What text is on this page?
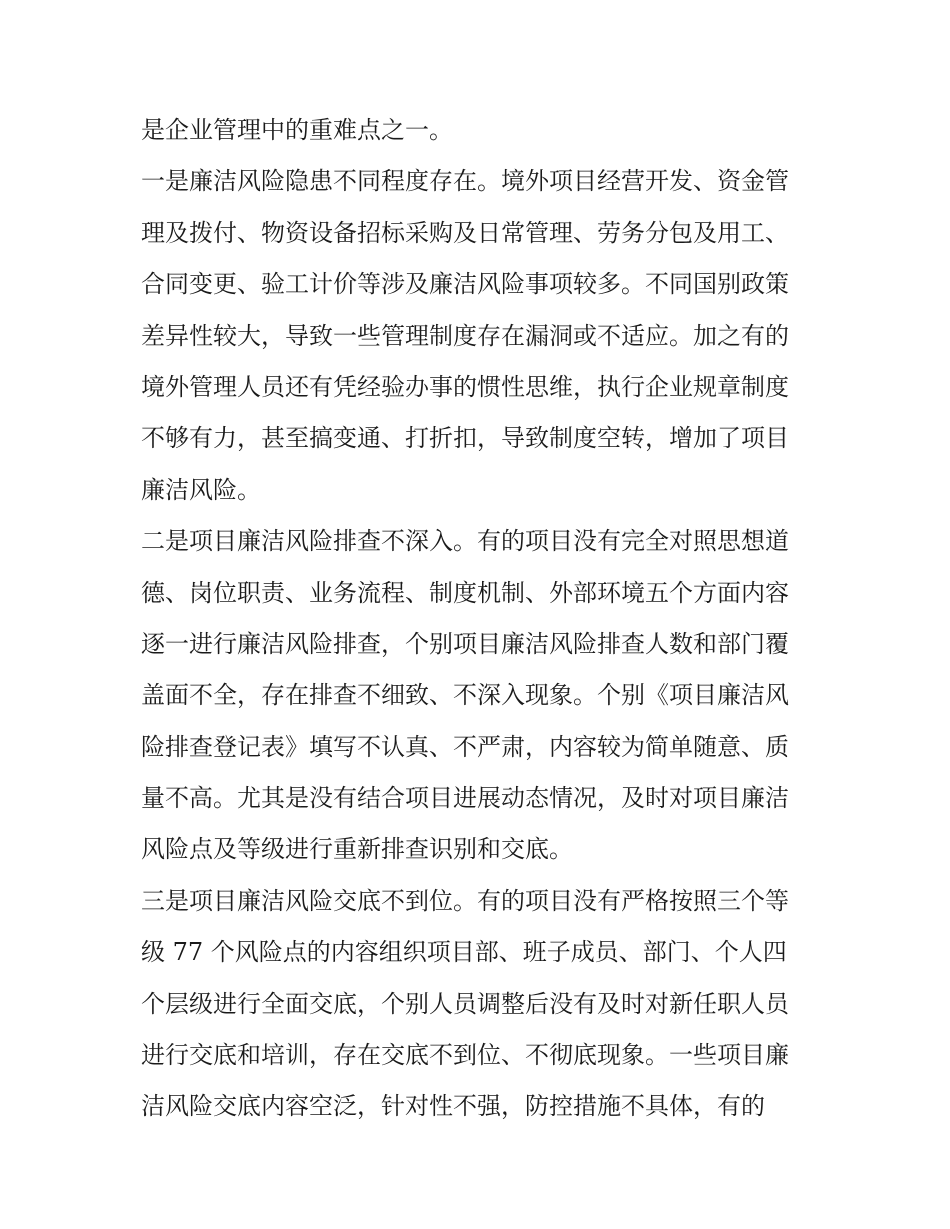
是企业管理中的重难点之一。
一是廉洁风险隐患不同程度存在。境外项目经营开发、资金管
理及拨付、物资设备招标采购及日常管理、劳务分包及用工、
合同变更、验工计价等涉及廉洁风险事项较多。不同国别政策
差异性较大，导致一些管理制度存在漏洞或不适应。加之有的
境外管理人员还有凭经验办事的惯性思维，执行企业规章制度
不够有力，甚至搞变通、打折扣，导致制度空转，增加了项目
廉洁风险。
二是项目廉洁风险排查不深入。有的项目没有完全对照思想道
德、岗位职责、业务流程、制度机制、外部环境五个方面内容
逐一进行廉洁风险排查，个别项目廉洁风险排查人数和部门覆
盖面不全，存在排查不细致、不深入现象。个别《项目廉洁风
险排查登记表》填写不认真、不严肃，内容较为简单随意、质
量不高。尤其是没有结合项目进展动态情况，及时对项目廉洁
风险点及等级进行重新排查识别和交底。
三是项目廉洁风险交底不到位。有的项目没有严格按照三个等
级 77 个风险点的内容组织项目部、班子成员、部门、个人四
个层级进行全面交底，个别人员调整后没有及时对新任职人员
进行交底和培训，存在交底不到位、不彻底现象。一些项目廉
洁风险交底内容空泛，针对性不强，防控措施不具体，有的
